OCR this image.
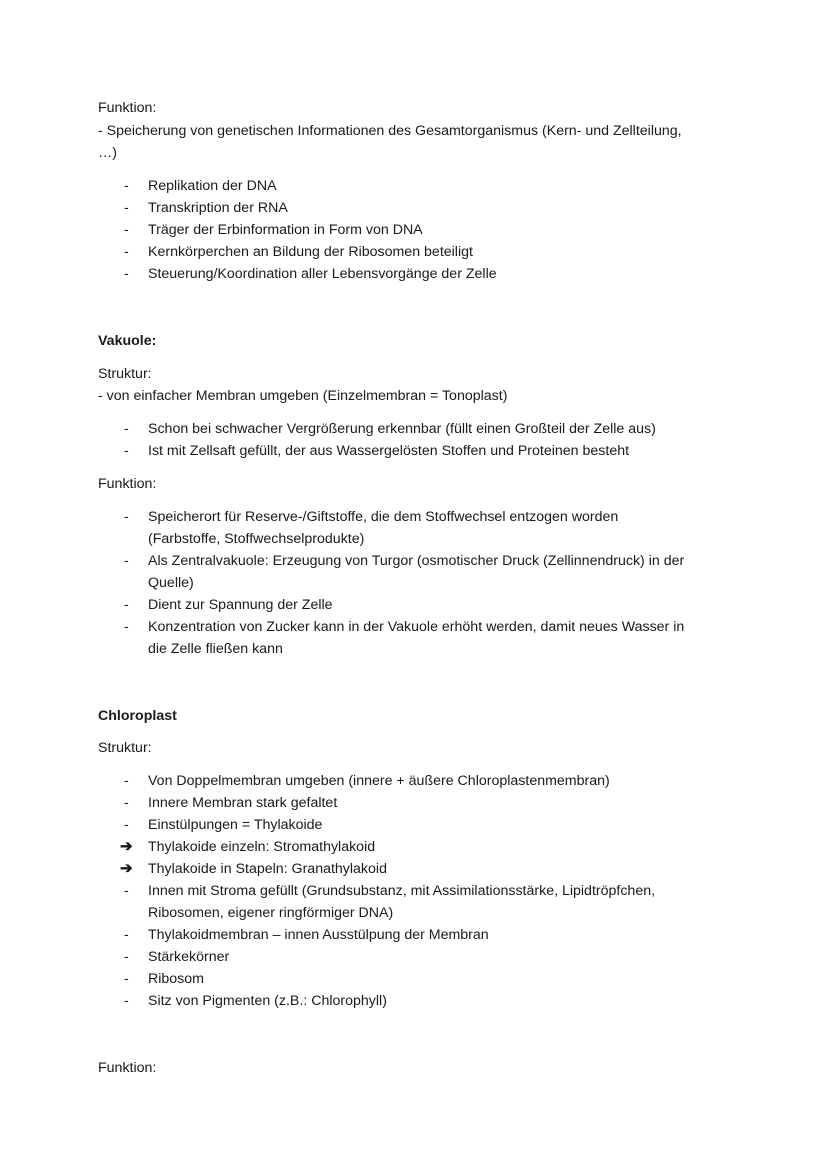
Funktion:
- Speicherung von genetischen Informationen des Gesamtorganismus (Kern- und Zellteilung,
…)
- Replikation der DNA
- Transkription der RNA
- Träger der Erbinformation in Form von DNA
- Kernkörperchen an Bildung der Ribosomen beteiligt
- Steuerung/Koordination aller Lebensvorgänge der Zelle
Vakuole:
Struktur:
- von einfacher Membran umgeben (Einzelmembran = Tonoplast)
- Schon bei schwacher Vergrößerung erkennbar (füllt einen Großteil der Zelle aus)
- Ist mit Zellsaft gefüllt, der aus Wassergelösten Stoffen und Proteinen besteht
Funktion:
- Speicherort für Reserve-/Giftstoffe, die dem Stoffwechsel entzogen worden
(Farbstoffe, Stoffwechselprodukte)
- Als Zentralvakuole: Erzeugung von Turgor (osmotischer Druck (Zellinnendruck) in der
Quelle)
- Dient zur Spannung der Zelle
- Konzentration von Zucker kann in der Vakuole erhöht werden, damit neues Wasser in
die Zelle fließen kann
Chloroplast
Struktur:
- Von Doppelmembran umgeben (innere + äußere Chloroplastenmembran)
- Innere Membran stark gefaltet
- Einstülpungen = Thylakoide
➔ Thylakoide einzeln: Stromathylakoid
➔ Thylakoide in Stapeln: Granathylakoid
- Innen mit Stroma gefüllt (Grundsubstanz, mit Assimilationsstärke, Lipidtröpfchen,
Ribosomen, eigener ringförmiger DNA)
- Thylakoidmembran – innen Ausstülpung der Membran
- Stärkekörner
- Ribosom
- Sitz von Pigmenten (z.B.: Chlorophyll)
Funktion:
